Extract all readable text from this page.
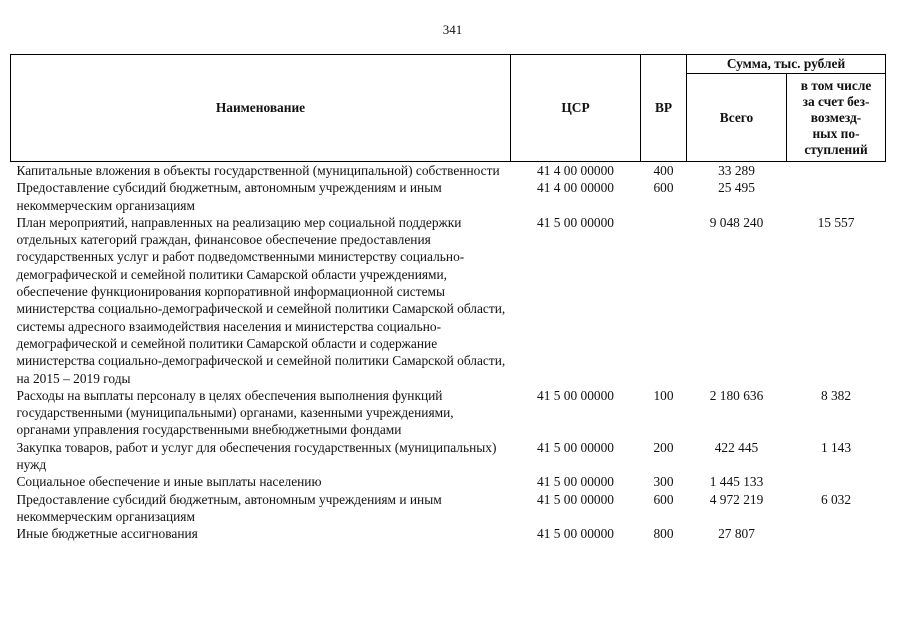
341
Наименование	ЦСР	ВР	Сумма, тыс. рублей	
			Всего	в том числе
за счет без-
возмезд-
ных по-
ступлений

Капитальные вложения в объекты государственной (муниципальной) собственности	41 4 00 00000	400	33 289	
Предоставление субсидий бюджетным, автономным учреждениям и иным некоммерческим организациям	41 4 00 00000	600	25 495	
План мероприятий, направленных на реализацию мер социальной поддержки отдельных категорий граждан, финансовое обеспечение предоставления государственных услуг и работ подведомственными министерству социально-демографической и семейной политики Самарской области учреждениями, обеспечение функционирования корпоративной информационной системы министерства социально-демографической и семейной политики Самарской области, системы адресного взаимодействия населения и министерства социально-демографической и семейной политики Самарской области и содержание министерства социально-демографической и семейной политики Самарской области, на 2015 – 2019 годы	41 5 00 00000		9 048 240	15 557
Расходы на выплаты персоналу в целях обеспечения выполнения функций государственными (муниципальными) органами, казенными учреждениями, органами управления государственными внебюджетными фондами	41 5 00 00000	100	2 180 636	8 382
Закупка товаров, работ и услуг для обеспечения государственных (муниципальных) нужд	41 5 00 00000	200	422 445	1 143
Социальное обеспечение и иные выплаты населению	41 5 00 00000	300	1 445 133	
Предоставление субсидий бюджетным, автономным учреждениям и иным некоммерческим организациям	41 5 00 00000	600	4 972 219	6 032
Иные бюджетные ассигнования	41 5 00 00000	800	27 807	
